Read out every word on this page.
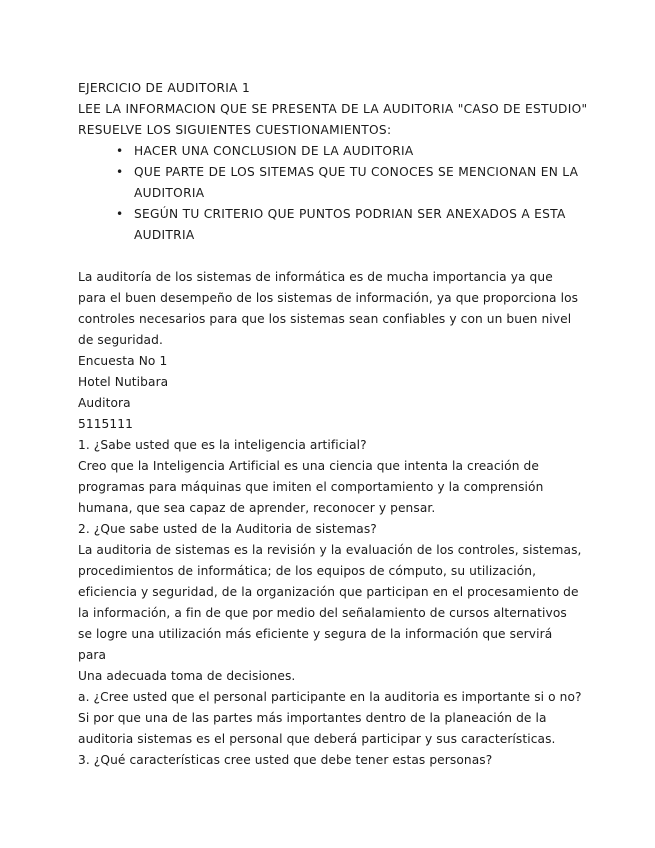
EJERCICIO DE AUDITORIA 1
LEE LA INFORMACION QUE SE PRESENTA DE LA AUDITORIA "CASO DE ESTUDIO"
RESUELVE LOS SIGUIENTES CUESTIONAMIENTOS:
• HACER UNA CONCLUSION DE LA AUDITORIA
• QUE PARTE DE LOS SITEMAS QUE TU CONOCES SE MENCIONAN EN LA
AUDITORIA
• SEGÚN TU CRITERIO QUE PUNTOS PODRIAN SER ANEXADOS A ESTA
AUDITRIA
La auditoría de los sistemas de informática es de mucha importancia ya que
para el buen desempeño de los sistemas de información, ya que proporciona los
controles necesarios para que los sistemas sean confiables y con un buen nivel
de seguridad.
Encuesta No 1
Hotel Nutibara
Auditora
5115111
1. ¿Sabe usted que es la inteligencia artificial?
Creo que la Inteligencia Artificial es una ciencia que intenta la creación de
programas para máquinas que imiten el comportamiento y la comprensión
humana, que sea capaz de aprender, reconocer y pensar.
2. ¿Que sabe usted de la Auditoria de sistemas?
La auditoria de sistemas es la revisión y la evaluación de los controles, sistemas,
procedimientos de informática; de los equipos de cómputo, su utilización,
eficiencia y seguridad, de la organización que participan en el procesamiento de
la información, a fin de que por medio del señalamiento de cursos alternativos
se logre una utilización más eficiente y segura de la información que servirá
para
Una adecuada toma de decisiones.
a. ¿Cree usted que el personal participante en la auditoria es importante si o no?
Si por que una de las partes más importantes dentro de la planeación de la
auditoria sistemas es el personal que deberá participar y sus características.
3. ¿Qué características cree usted que debe tener estas personas?
